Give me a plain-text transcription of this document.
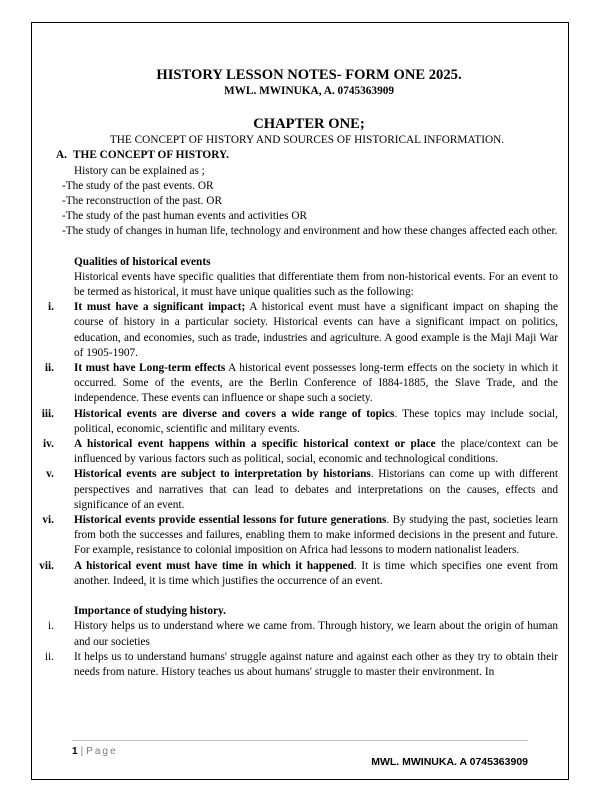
HISTORY LESSON NOTES- FORM ONE 2025.

MWL. MWINUKA, A. 0745363909

CHAPTER ONE;

THE CONCEPT OF HISTORY AND SOURCES OF HISTORICAL INFORMATION.

A. THE CONCEPT OF HISTORY.

History can be explained as ;

-The study of the past events. OR

-The reconstruction of the past. OR

-The study of the past human events and activities OR

-The study of changes in human life, technology and environment and how these changes affected each other.

Qualities of historical events

Historical events have specific qualities that differentiate them from non-historical events. For an event to be termed as historical, it must have unique qualities such as the following:

i. It must have a significant impact; A historical event must have a significant impact on shaping the course of history in a particular society. Historical events can have a significant impact on politics, education, and economies, such as trade, industries and agriculture. A good example is the Maji Maji War of 1905-1907.
ii. It must have Long-term effects A historical event possesses long-term effects on the society in which it occurred. Some of the events, are the Berlin Conference of I884-1885, the Slave Trade, and the independence. These events can influence or shape such a society.
iii. Historical events are diverse and covers a wide range of topics. These topics may include social, political, economic, scientific and military events.
iv. A historical event happens within a specific historical context or place the place/context can be influenced by various factors such as political, social, economic and technological conditions.
v. Historical events are subject to interpretation by historians. Historians can come up with different perspectives and narratives that can lead to debates and interpretations on the causes, effects and significance of an event.
vi. Historical events provide essential lessons for future generations. By studying the past, societies learn from both the successes and failures, enabling them to make informed decisions in the present and future. For example, resistance to colonial imposition on Africa had lessons to modern nationalist leaders.
vii. A historical event must have time in which it happened. It is time which specifies one event from another. Indeed, it is time which justifies the occurrence of an event.

Importance of studying history.

i. History helps us to understand where we came from. Through history, we learn about the origin of human and our societies
ii. It helps us to understand humans' struggle against nature and against each other as they try to obtain their needs from nature. History teaches us about humans' struggle to master their environment. In
1 | Page
MWL. MWINUKA. A 0745363909
